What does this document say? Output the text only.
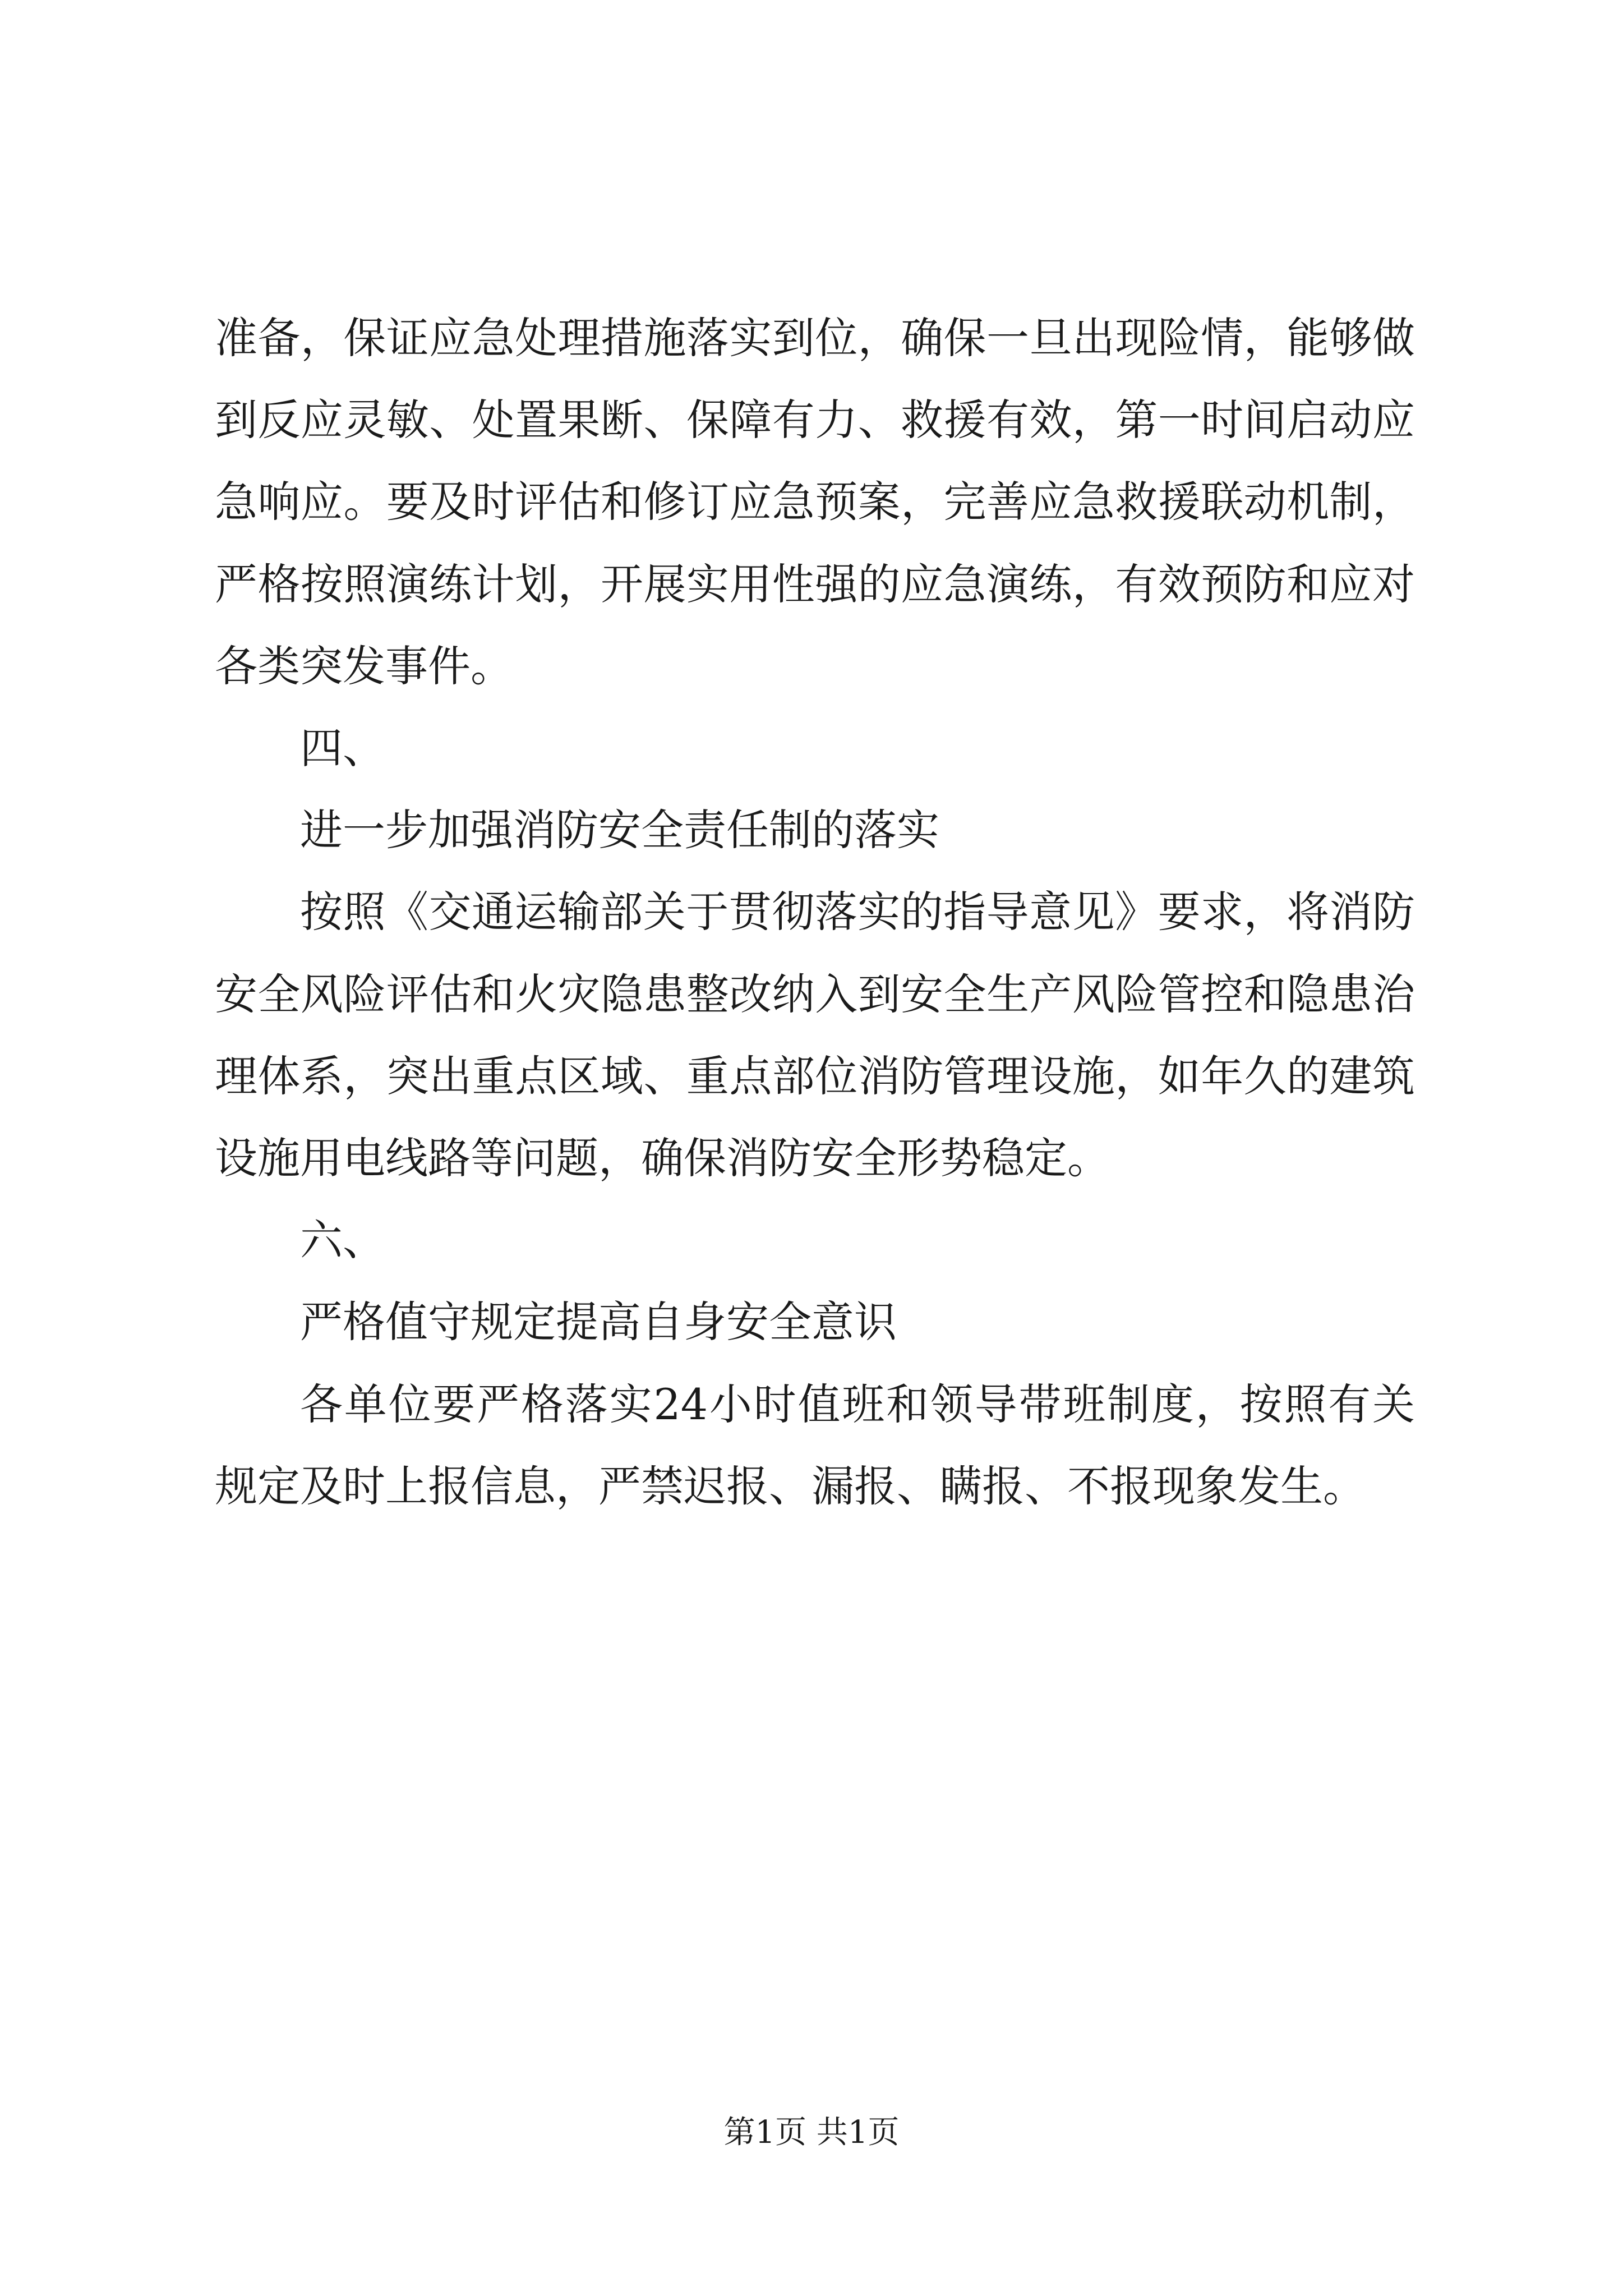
准备，保证应急处理措施落实到位，确保一旦出现险情，能够做到反应灵敏、处置果断、保障有力、救援有效，第一时间启动应急响应。要及时评估和修订应急预案，完善应急救援联动机制，严格按照演练计划，开展实用性强的应急演练，有效预防和应对各类突发事件。

四、

进一步加强消防安全责任制的落实

按照《交通运输部关于贯彻落实的指导意见》要求，将消防安全风险评估和火灾隐患整改纳入到安全生产风险管控和隐患治理体系，突出重点区域、重点部位消防管理设施，如年久的建筑设施用电线路等问题，确保消防安全形势稳定。

六、

严格值守规定提高自身安全意识

各单位要严格落实24小时值班和领导带班制度，按照有关规定及时上报信息，严禁迟报、漏报、瞒报、不报现象发生。

第1页 共1页
